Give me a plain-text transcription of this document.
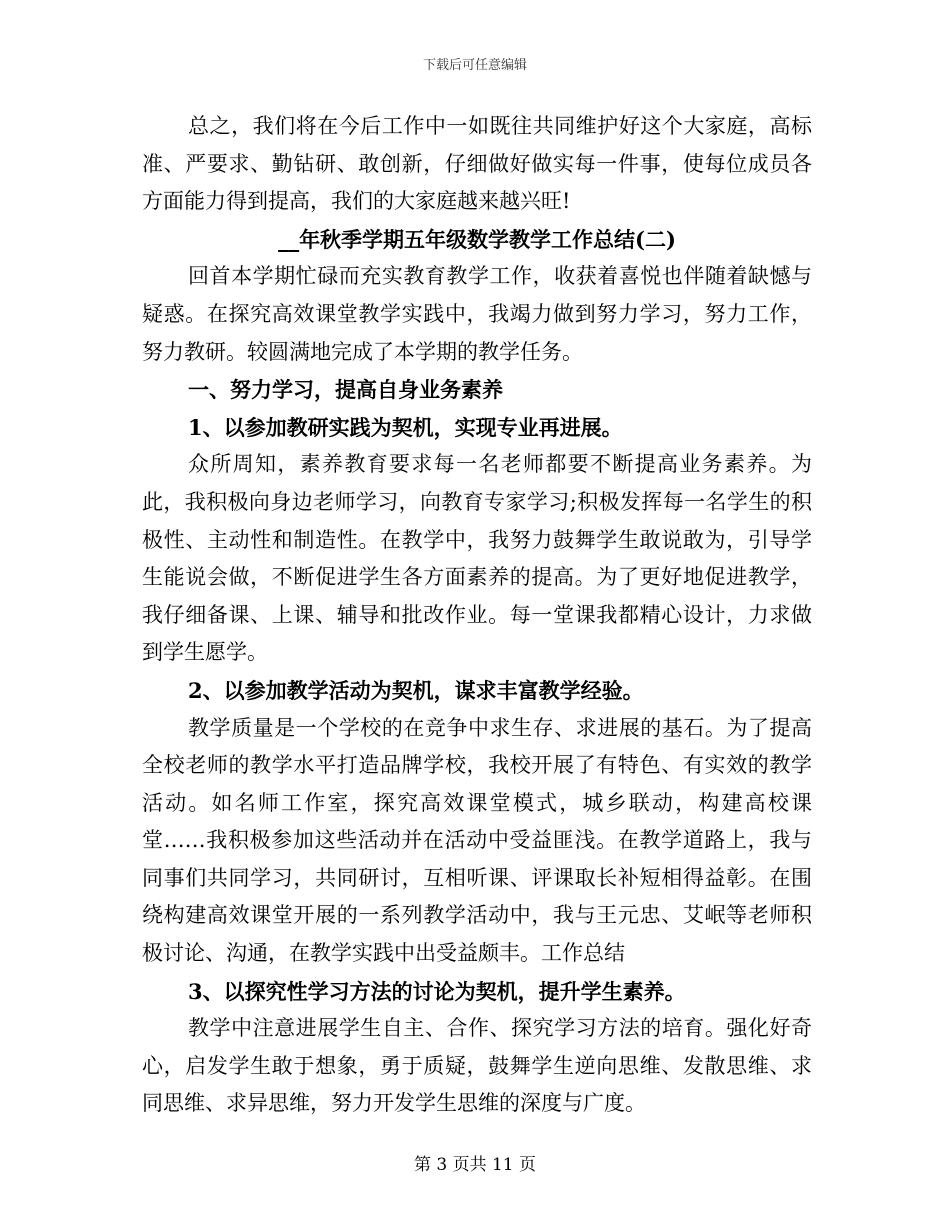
下载后可任意编辑

总之，我们将在今后工作中一如既往共同维护好这个大家庭，高标准、严要求、勤钻研、敢创新，仔细做好做实每一件事，使每位成员各方面能力得到提高，我们的大家庭越来越兴旺!

__年秋季学期五年级数学教学工作总结(二)

回首本学期忙碌而充实教育教学工作，收获着喜悦也伴随着缺憾与疑惑。在探究高效课堂教学实践中，我竭力做到努力学习，努力工作，努力教研。较圆满地完成了本学期的教学任务。

一、努力学习，提高自身业务素养

1、以参加教研实践为契机，实现专业再进展。

众所周知，素养教育要求每一名老师都要不断提高业务素养。为此，我积极向身边老师学习，向教育专家学习;积极发挥每一名学生的积极性、主动性和制造性。在教学中，我努力鼓舞学生敢说敢为，引导学生能说会做，不断促进学生各方面素养的提高。为了更好地促进教学，我仔细备课、上课、辅导和批改作业。每一堂课我都精心设计，力求做到学生愿学。

2、以参加教学活动为契机，谋求丰富教学经验。

教学质量是一个学校的在竞争中求生存、求进展的基石。为了提高全校老师的教学水平打造品牌学校，我校开展了有特色、有实效的教学活动。如名师工作室，探究高效课堂模式，城乡联动，构建高校课堂……我积极参加这些活动并在活动中受益匪浅。在教学道路上，我与同事们共同学习，共同研讨，互相听课、评课取长补短相得益彰。在围绕构建高效课堂开展的一系列教学活动中，我与王元忠、艾岷等老师积极讨论、沟通，在教学实践中出受益颇丰。工作总结

3、以探究性学习方法的讨论为契机，提升学生素养。

教学中注意进展学生自主、合作、探究学习方法的培育。强化好奇心，启发学生敢于想象，勇于质疑，鼓舞学生逆向思维、发散思维、求同思维、求异思维，努力开发学生思维的深度与广度。

第 3 页共 11 页
